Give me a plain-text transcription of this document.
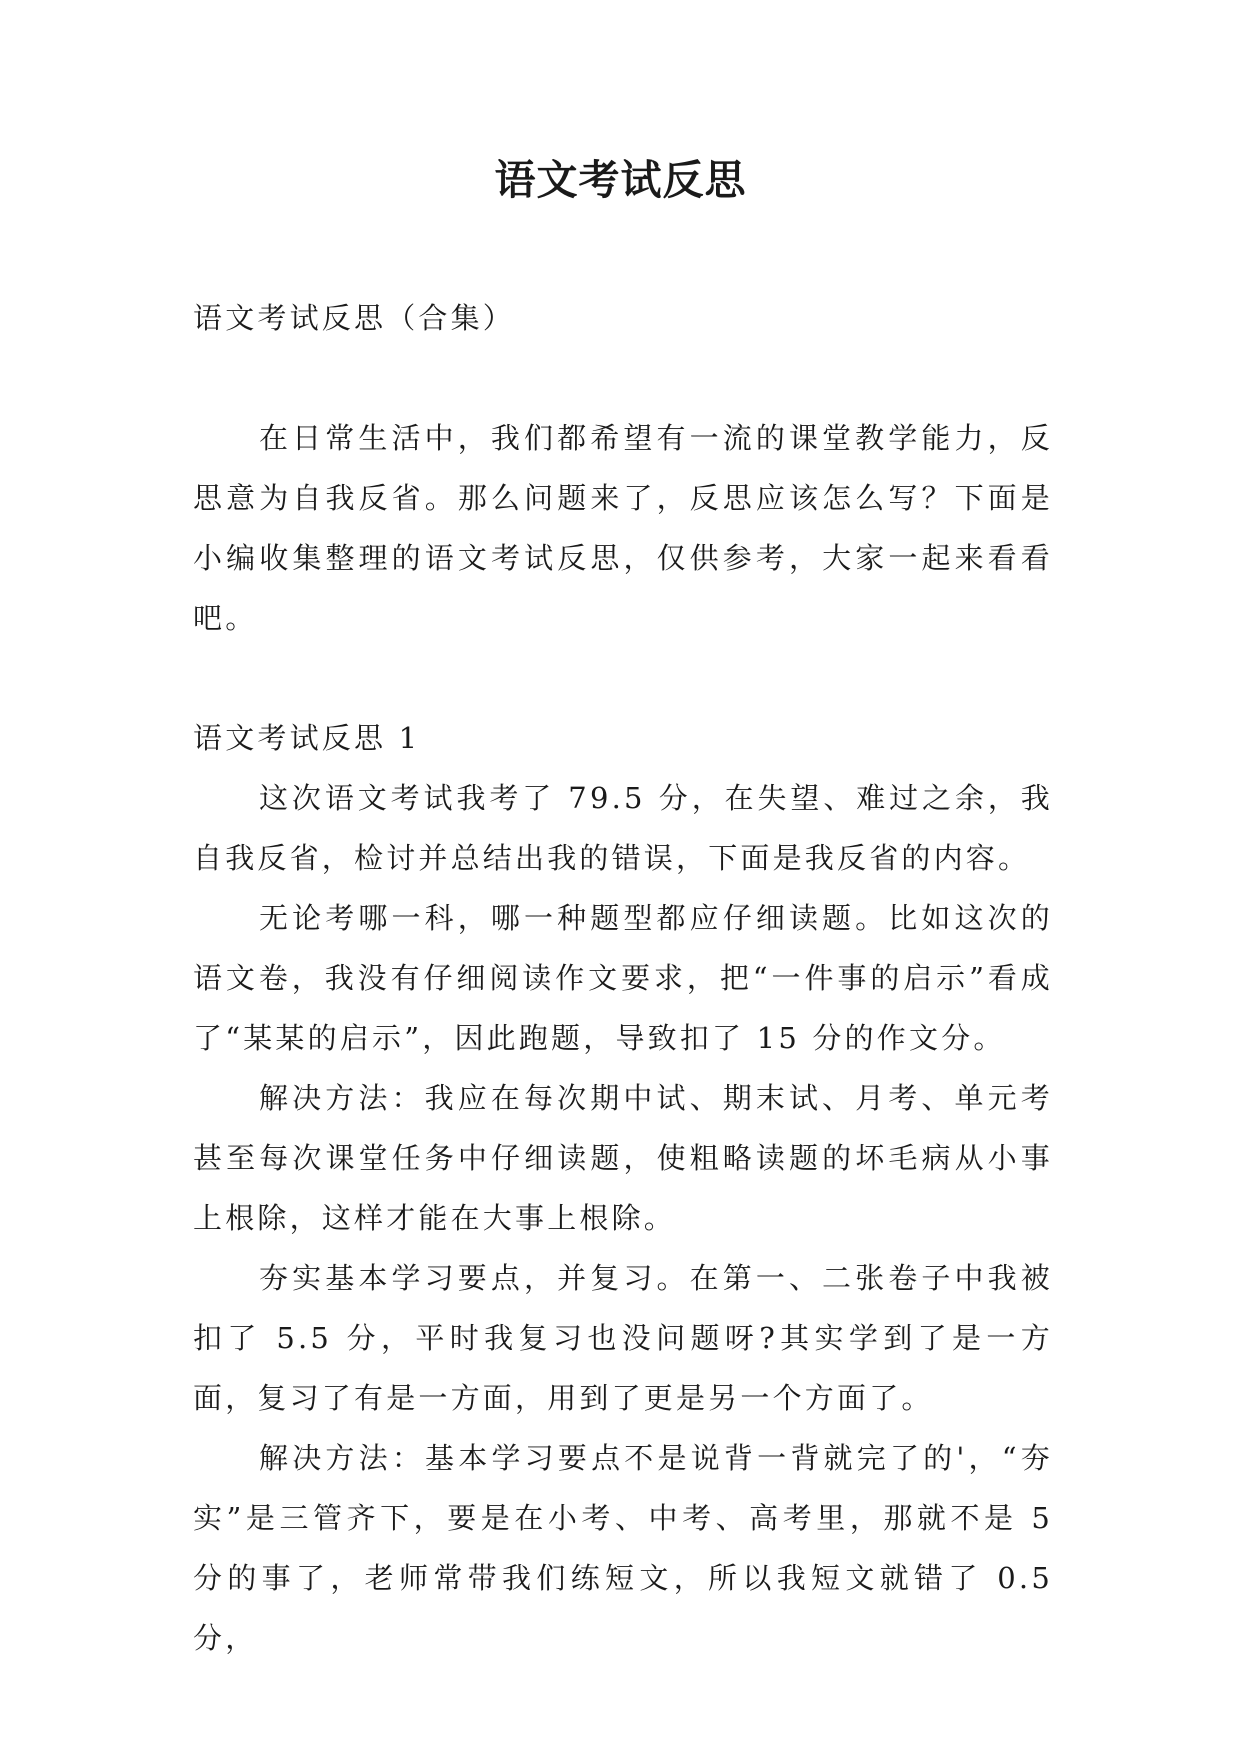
语文考试反思

语文考试反思（合集）

在日常生活中，我们都希望有一流的课堂教学能力，反思意为自我反省。那么问题来了，反思应该怎么写？下面是小编收集整理的语文考试反思，仅供参考，大家一起来看看吧。

语文考试反思 1

这次语文考试我考了 79.5 分，在失望、难过之余，我自我反省，检讨并总结出我的错误，下面是我反省的内容。

无论考哪一科，哪一种题型都应仔细读题。比如这次的语文卷，我没有仔细阅读作文要求，把“一件事的启示”看成了“某某的启示”，因此跑题，导致扣了 15 分的作文分。

解决方法：我应在每次期中试、期末试、月考、单元考甚至每次课堂任务中仔细读题，使粗略读题的坏毛病从小事上根除，这样才能在大事上根除。

夯实基本学习要点，并复习。在第一、二张卷子中我被扣了 5.5 分，平时我复习也没问题呀?其实学到了是一方面，复习了有是一方面，用到了更是另一个方面了。

解决方法：基本学习要点不是说背一背就完了的'，“夯实”是三管齐下，要是在小考、中考、高考里，那就不是 5 分的事了，老师常带我们练短文，所以我短文就错了 0.5 分，
